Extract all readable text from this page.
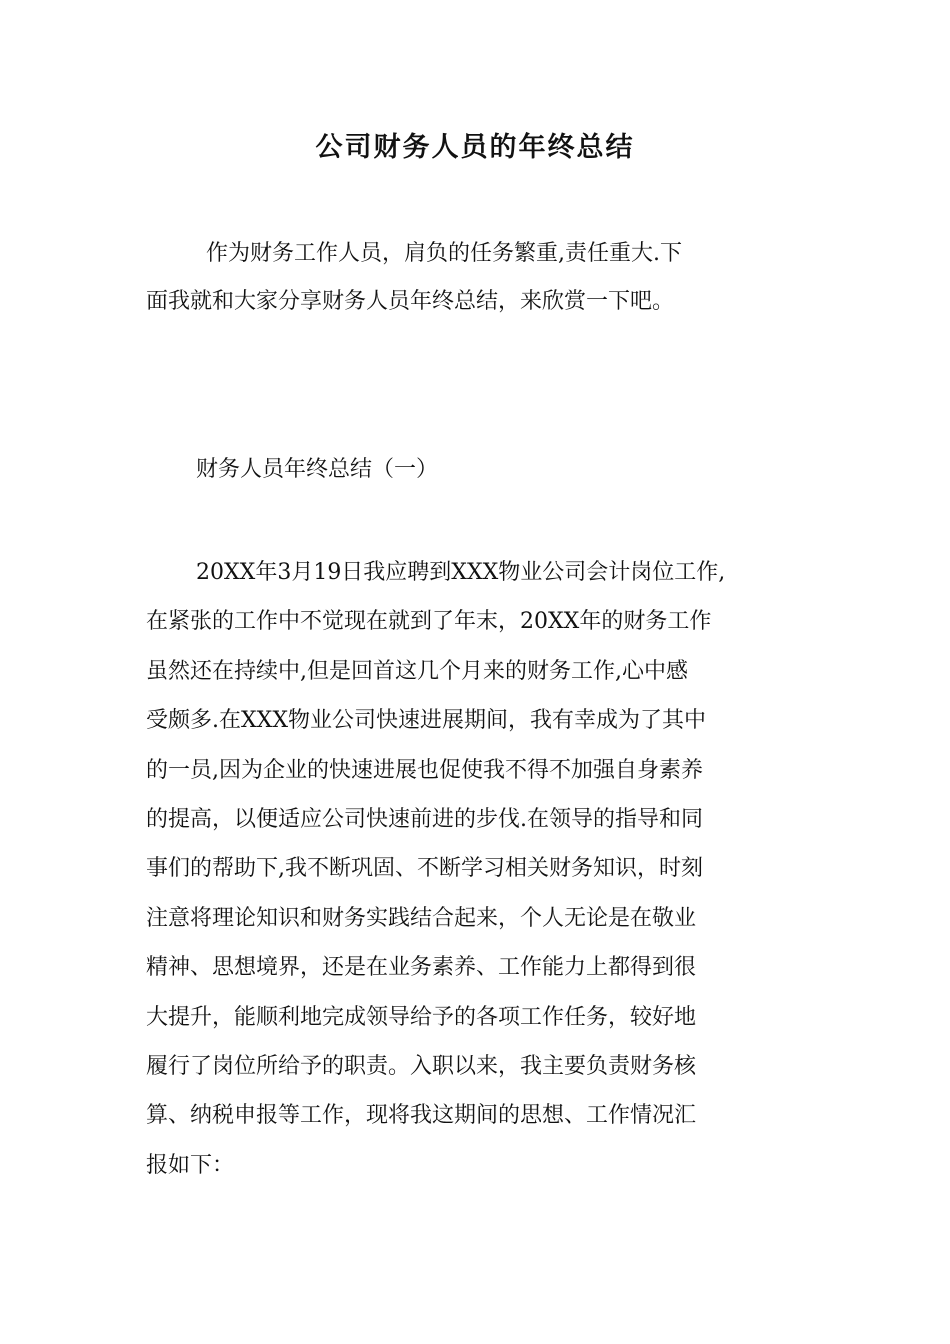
公司财务人员的年终总结

作为财务工作人员，肩负的任务繁重,责任重大.下
面我就和大家分享财务人员年终总结，来欣赏一下吧。

财务人员年终总结（一）

20XX年3月19日我应聘到XXX物业公司会计岗位工作,
在紧张的工作中不觉现在就到了年末，20XX年的财务工作
虽然还在持续中,但是回首这几个月来的财务工作,心中感
受颇多.在XXX物业公司快速进展期间，我有幸成为了其中
的一员,因为企业的快速进展也促使我不得不加强自身素养
的提高，以便适应公司快速前进的步伐.在领导的指导和同
事们的帮助下,我不断巩固、不断学习相关财务知识，时刻
注意将理论知识和财务实践结合起来，个人无论是在敬业
精神、思想境界，还是在业务素养、工作能力上都得到很
大提升，能顺利地完成领导给予的各项工作任务，较好地
履行了岗位所给予的职责。入职以来，我主要负责财务核
算、纳税申报等工作，现将我这期间的思想、工作情况汇
报如下：
